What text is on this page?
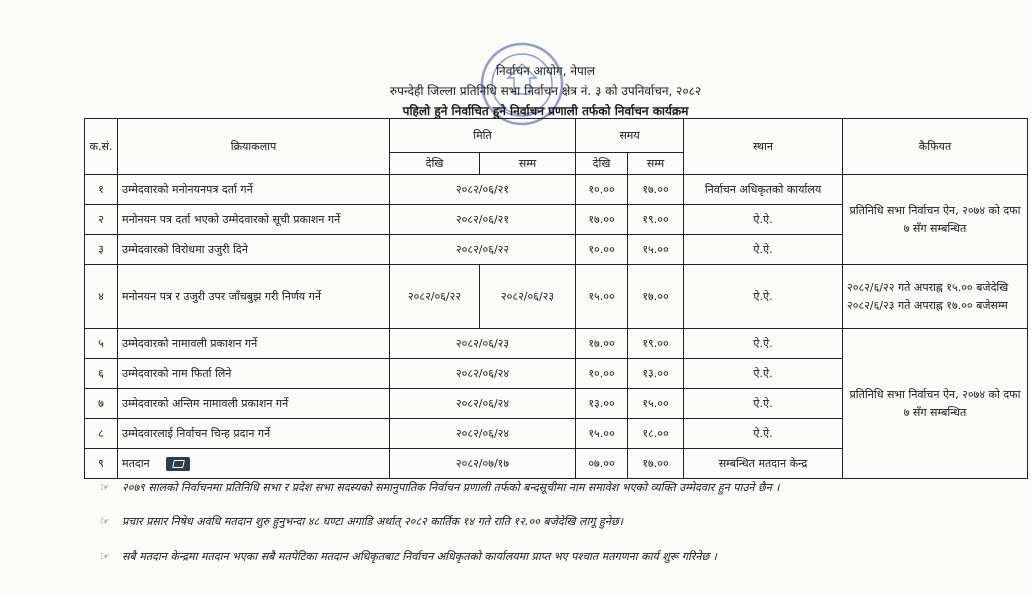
निर्वाचन आयोग, नेपाल
रुपन्देही जिल्ला प्रतिनिधि सभा निर्वाचन क्षेत्र नं. ३ को उपनिर्वाचन, २०८२
पहिलो हुने निर्वाचित हुने निर्वाचन प्रणाली तर्फको निर्वाचन कार्यक्रम
क.सं.	क्रियाकलाप	मिति		समय		स्थान	कैफियत
		देखि	सम्म	देखि	सम्म		
१	उम्मेदवारको मनोनयनपत्र दर्ता गर्ने	२०८२/०६/२१		१०.००	१७.००	निर्वाचन अधिकृतको कार्यालय	प्रतिनिधि सभा निर्वाचन ऐन, २०७४ को दफा ७ सँग सम्बन्धित
२	मनोनयन पत्र दर्ता भएको उम्मेदवारको सूची प्रकाशन गर्ने	२०८२/०६/२१		१७.००	१९.००	ऐ.ऐ.	
३	उम्मेदवारको विरोधमा उजुरी दिने	२०८२/०६/२२		१०.००	१५.००	ऐ.ऐ.	
४	मनोनयन पत्र र उजुरी उपर जाँचबुझ गरी निर्णय गर्ने	२०८२/०६/२२	२०८२/०६/२३	१५.००	१७.००	ऐ.ऐ.	२०८२/६/२२ गते अपराह्न १५.०० बजेदेखि २०८२/६/२३ गते अपराह्न १७.०० बजेसम्म
५	उम्मेदवारको नामावली प्रकाशन गर्ने	२०८२/०६/२३		१७.००	१९.००	ऐ.ऐ.	प्रतिनिधि सभा निर्वाचन ऐन, २०७४ को दफा ७ सँग सम्बन्धित
६	उम्मेदवारको नाम फिर्ता लिने	२०८२/०६/२४		१०.००	१३.००	ऐ.ऐ.	
७	उम्मेदवारको अन्तिम नामावली प्रकाशन गर्ने	२०८२/०६/२४		१३.००	१५.००	ऐ.ऐ.	
८	उम्मेदवारलाई निर्वाचन चिन्ह प्रदान गर्ने	२०८२/०६/२४		१५.००	१८.००	ऐ.ऐ.	
९	मतदान	२०८२/०७/१७		०७.००	१७.००	सम्बन्धित मतदान केन्द्र	
☞ २०७९ सालको निर्वाचनमा प्रतिनिधि सभा र प्रदेश सभा सदस्यको समानुपातिक निर्वाचन प्रणाली तर्फको बन्दसूचीमा नाम समावेश भएको व्यक्ति उम्मेदवार हुन पाउने छैन ।
☞ प्रचार प्रसार निषेध अवधि मतदान शुरु हुनुभन्दा ४८ घण्टा अगाडि अर्थात् २०८२ कार्तिक १४ गते राति १२.०० बजेदेखि लागू हुनेछ।
☞ सबै मतदान केन्द्रमा मतदान भएका सबै मतपेटिका मतदान अधिकृतबाट निर्वाचन अधिकृतको कार्यालयमा प्राप्त भए पश्चात मतगणना कार्य शुरू गरिनेछ ।
